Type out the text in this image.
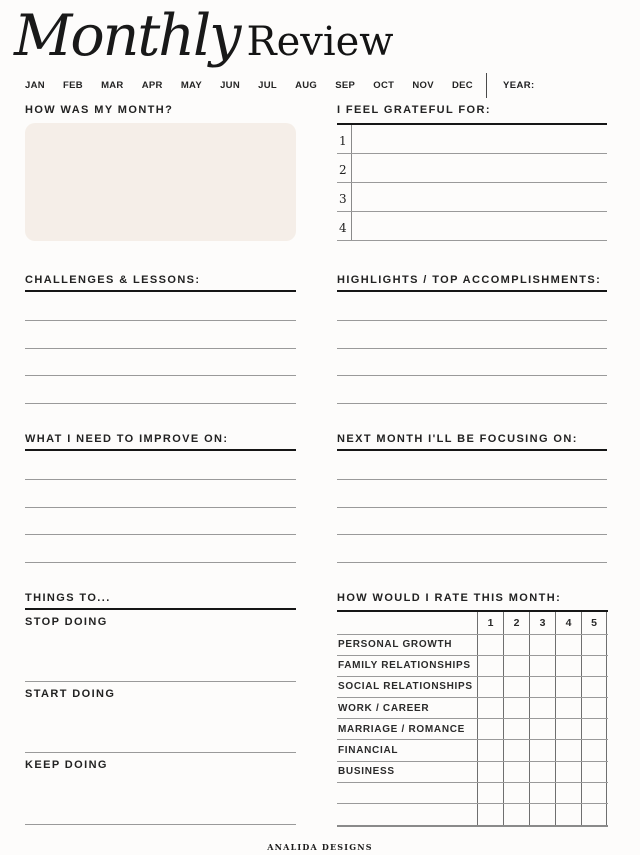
Monthly Review
JAN FEB MAR APR MAY JUN JUL AUG SEP OCT NOV DEC	YEAR:
HOW WAS MY MONTH?	I FEEL GRATEFUL FOR:
1
2
3
4
CHALLENGES & LESSONS:	HIGHLIGHTS / TOP ACCOMPLISHMENTS:
WHAT I NEED TO IMPROVE ON:	NEXT MONTH I'LL BE FOCUSING ON:
THINGS TO...
STOP DOING
START DOING
KEEP DOING
HOW WOULD I RATE THIS MONTH:
1	2	3	4	5
PERSONAL GROWTH
FAMILY RELATIONSHIPS
SOCIAL RELATIONSHIPS
WORK / CAREER
MARRIAGE / ROMANCE
FINANCIAL
BUSINESS
ANALIDA DESIGNS
